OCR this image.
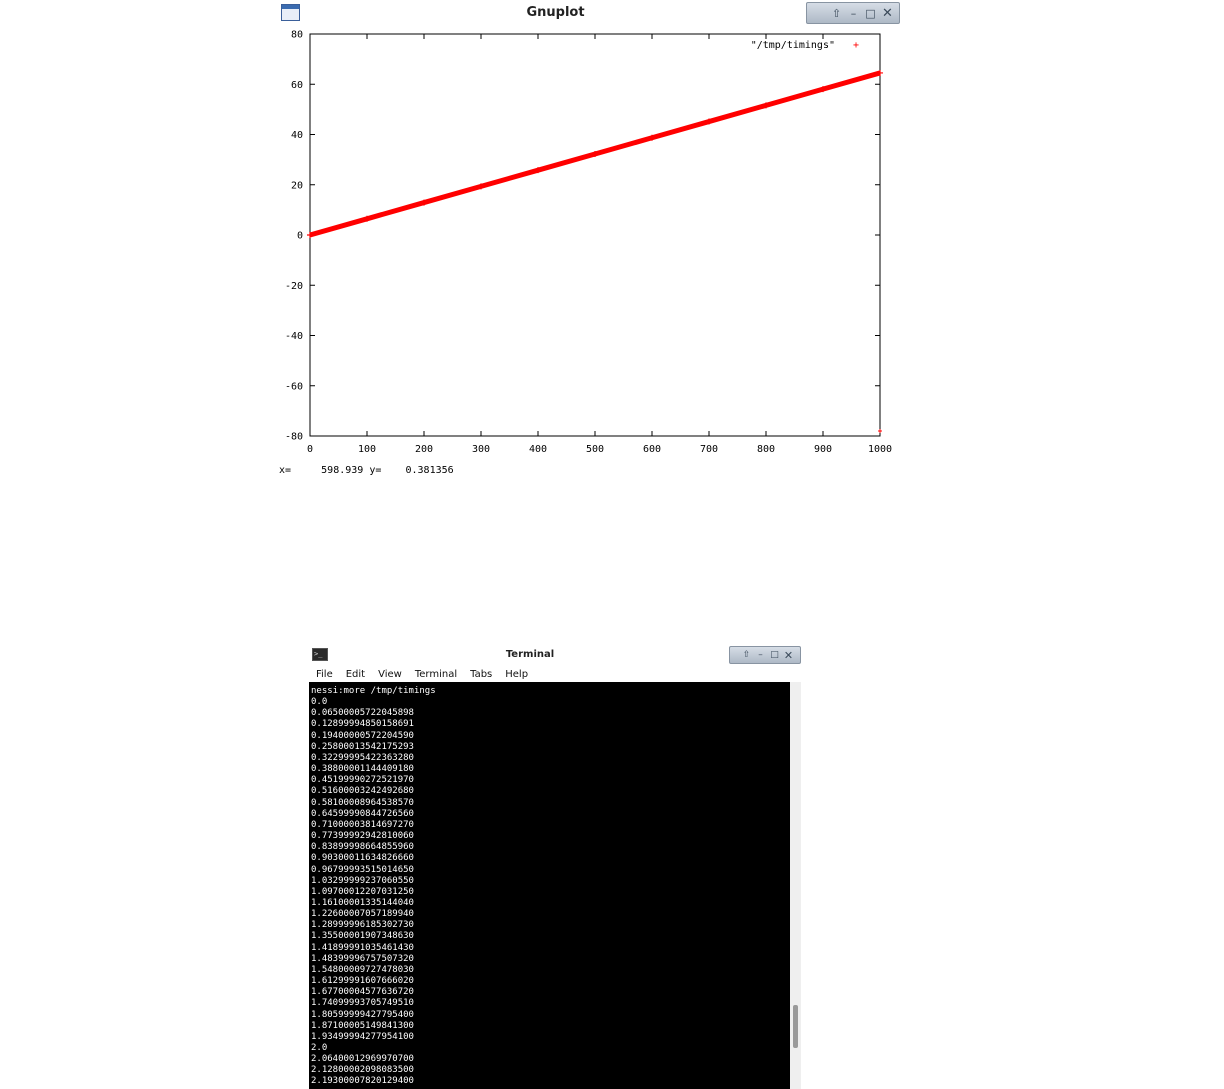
Gnuplot	⇧ – □ ✕
0	100	200	300	400	500	600	700	800	900	1000
80
60
40
20
0
-20
-40
-60
-80
"/tmp/timings" +
x=	598.939 y= 0.381356
>_	Terminal	⇧ – □ ✕
File	Edit	View	Terminal	Tabs	Help
nessi:more /tmp/timings
0.0
0.06500005722045898
0.12899994850158691
0.19400000572204590
0.25800013542175293
0.32299995422363280
0.38800001144409180
0.45199990272521970
0.51600003242492680
0.58100008964538570
0.64599990844726560
0.71000003814697270
0.77399992942810060
0.83899998664855960
0.90300011634826660
0.96799993515014650
1.03299999237060550
1.09700012207031250
1.16100001335144040
1.22600007057189940
1.28999996185302730
1.35500001907348630
1.41899991035461430
1.48399996757507320
1.54800009727478030
1.61299991607666020
1.67700004577636720
1.74099993705749510
1.80599999427795400
1.87100005149841300
1.93499994277954100
2.0
2.06400012969970700
2.12800002098083500
2.19300007820129400
